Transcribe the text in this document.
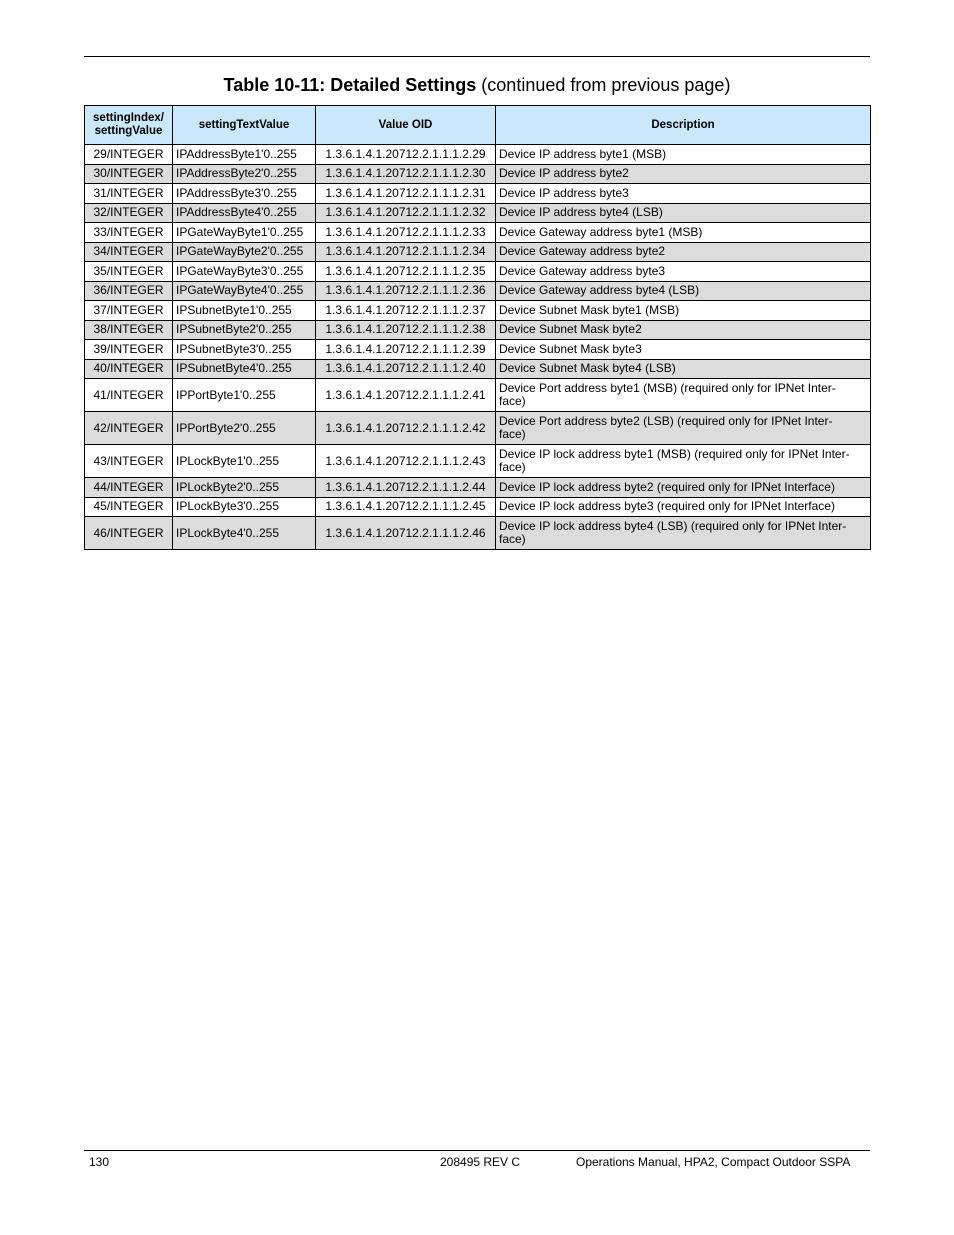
Table 10-11: Detailed Settings (continued from previous page)
settingIndex/
settingValue	settingTextValue	Value OID	Description
29/INTEGER	IPAddressByte1'0..255	1.3.6.1.4.1.20712.2.1.1.1.2.29	Device IP address byte1 (MSB)
30/INTEGER	IPAddressByte2'0..255	1.3.6.1.4.1.20712.2.1.1.1.2.30	Device IP address byte2
31/INTEGER	IPAddressByte3'0..255	1.3.6.1.4.1.20712.2.1.1.1.2.31	Device IP address byte3
32/INTEGER	IPAddressByte4'0..255	1.3.6.1.4.1.20712.2.1.1.1.2.32	Device IP address byte4 (LSB)
33/INTEGER	IPGateWayByte1'0..255	1.3.6.1.4.1.20712.2.1.1.1.2.33	Device Gateway address byte1 (MSB)
34/INTEGER	IPGateWayByte2'0..255	1.3.6.1.4.1.20712.2.1.1.1.2.34	Device Gateway address byte2
35/INTEGER	IPGateWayByte3'0..255	1.3.6.1.4.1.20712.2.1.1.1.2.35	Device Gateway address byte3
36/INTEGER	IPGateWayByte4'0..255	1.3.6.1.4.1.20712.2.1.1.1.2.36	Device Gateway address byte4 (LSB)
37/INTEGER	IPSubnetByte1'0..255	1.3.6.1.4.1.20712.2.1.1.1.2.37	Device Subnet Mask byte1 (MSB)
38/INTEGER	IPSubnetByte2'0..255	1.3.6.1.4.1.20712.2.1.1.1.2.38	Device Subnet Mask byte2
39/INTEGER	IPSubnetByte3'0..255	1.3.6.1.4.1.20712.2.1.1.1.2.39	Device Subnet Mask byte3
40/INTEGER	IPSubnetByte4'0..255	1.3.6.1.4.1.20712.2.1.1.1.2.40	Device Subnet Mask byte4 (LSB)
41/INTEGER	IPPortByte1'0..255	1.3.6.1.4.1.20712.2.1.1.1.2.41	Device Port address byte1 (MSB) (required only for IPNet Inter-
face)
42/INTEGER	IPPortByte2'0..255	1.3.6.1.4.1.20712.2.1.1.1.2.42	Device Port address byte2 (LSB) (required only for IPNet Inter-
face)
43/INTEGER	IPLockByte1'0..255	1.3.6.1.4.1.20712.2.1.1.1.2.43	Device IP lock address byte1 (MSB) (required only for IPNet Inter-
face)
44/INTEGER	IPLockByte2'0..255	1.3.6.1.4.1.20712.2.1.1.1.2.44	Device IP lock address byte2 (required only for IPNet Interface)
45/INTEGER	IPLockByte3'0..255	1.3.6.1.4.1.20712.2.1.1.1.2.45	Device IP lock address byte3 (required only for IPNet Interface)
46/INTEGER	IPLockByte4'0..255	1.3.6.1.4.1.20712.2.1.1.1.2.46	Device IP lock address byte4 (LSB) (required only for IPNet Inter-
face)
130	208495 REV C	Operations Manual, HPA2, Compact Outdoor SSPA
